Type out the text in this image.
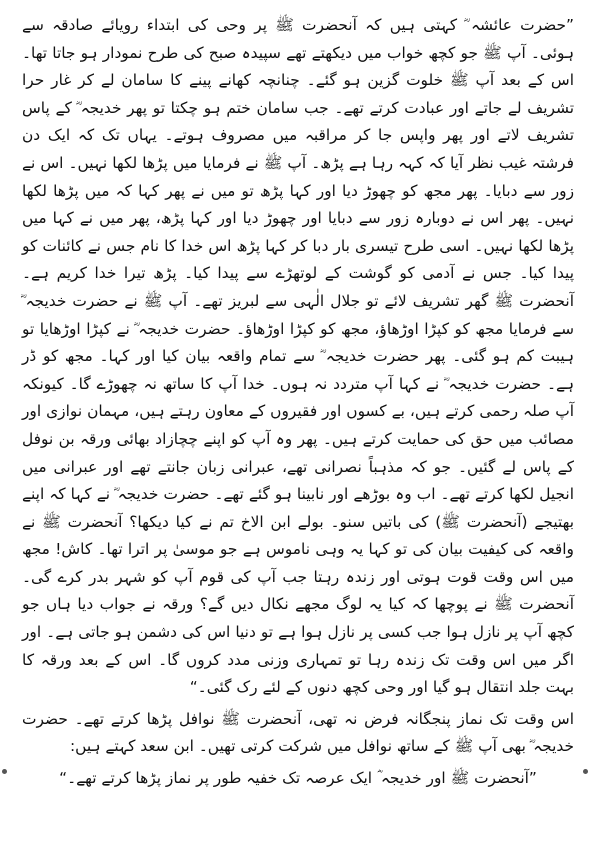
”حضرت عائشہ ؓ کہتی ہیں کہ آنحضرت ﷺ پر وحی کی ابتداء رویائے صادقہ سے ہوئی۔ آپ ﷺ جو کچھ خواب میں دیکھتے تھے سپیدہ صبح کی طرح نمودار ہو جاتا تھا۔ اس کے بعد آپ ﷺ خلوت گزین ہو گئے۔ چنانچہ کھانے پینے کا سامان لے کر غار حرا تشریف لے جاتے اور عبادت کرتے تھے۔ جب سامان ختم ہو چکتا تو پھر خدیجہ ؓ کے پاس تشریف لاتے اور پھر واپس جا کر مراقبہ میں مصروف ہوتے۔ یہاں تک کہ ایک دن فرشتہ غیب نظر آیا کہ کہہ رہا ہے پڑھ۔ آپ ﷺ نے فرمایا میں پڑھا لکھا نہیں۔ اس نے زور سے دبایا۔ پھر مجھ کو چھوڑ دیا اور کہا پڑھ تو میں نے پھر کہا کہ میں پڑھا لکھا نہیں۔ پھر اس نے دوبارہ زور سے دبایا اور چھوڑ دیا اور کہا پڑھ، پھر میں نے کہا میں پڑھا لکھا نہیں۔ اسی طرح تیسری بار دبا کر کہا پڑھ اس خدا کا نام جس نے کائنات کو پیدا کیا۔ جس نے آدمی کو گوشت کے لوتھڑے سے پیدا کیا۔ پڑھ تیرا خدا کریم ہے۔ آنحضرت ﷺ گھر تشریف لائے تو جلال الٰہی سے لبریز تھے۔ آپ ﷺ نے حضرت خدیجہ ؓ سے فرمایا مجھ کو کپڑا اوڑھاؤ، مجھ کو کپڑا اوڑھاؤ۔ حضرت خدیجہ ؓ نے کپڑا اوڑھایا تو ہیبت کم ہو گئی۔ پھر حضرت خدیجہ ؓ سے تمام واقعہ بیان کیا اور کہا۔ مجھ کو ڈر ہے۔ حضرت خدیجہ ؓ نے کہا آپ متردد نہ ہوں۔ خدا آپ کا ساتھ نہ چھوڑے گا۔ کیونکہ آپ صلہ رحمی کرتے ہیں، بے کسوں اور فقیروں کے معاون رہتے ہیں، مہمان نوازی اور مصائب میں حق کی حمایت کرتے ہیں۔ پھر وہ آپ کو اپنے چچازاد بھائی ورقہ بن نوفل کے پاس لے گئیں۔ جو کہ مذہباً نصرانی تھے، عبرانی زبان جانتے تھے اور عبرانی میں انجیل لکھا کرتے تھے۔ اب وہ بوڑھے اور نابینا ہو گئے تھے۔ حضرت خدیجہ ؓ نے کہا کہ اپنے بھتیجے (آنحضرت ﷺ) کی باتیں سنو۔ بولے ابن الاخ تم نے کیا دیکھا؟ آنحضرت ﷺ نے واقعہ کی کیفیت بیان کی تو کہا یہ وہی ناموس ہے جو موسیٰ پر اترا تھا۔ کاش! مجھ میں اس وقت قوت ہوتی اور زندہ رہتا جب آپ کی قوم آپ کو شہر بدر کرے گی۔ آنحضرت ﷺ نے پوچھا کہ کیا یہ لوگ مجھے نکال دیں گے؟ ورقہ نے جواب دیا ہاں جو کچھ آپ پر نازل ہوا جب کسی پر نازل ہوا ہے تو دنیا اس کی دشمن ہو جاتی ہے۔ اور اگر میں اس وقت تک زندہ رہا تو تمہاری وزنی مدد کروں گا۔ اس کے بعد ورقہ کا بہت جلد انتقال ہو گیا اور وحی کچھ دنوں کے لئے رک گئی۔“

اس وقت تک نماز پنجگانہ فرض نہ تھی، آنحضرت ﷺ نوافل پڑھا کرتے تھے۔ حضرت خدیجہ ؓ بھی آپ ﷺ کے ساتھ نوافل میں شرکت کرتی تھیں۔ ابن سعد کہتے ہیں:

”آنحضرت ﷺ اور خدیجہ ؓ ایک عرصہ تک خفیہ طور پر نماز پڑھا کرتے تھے۔“
